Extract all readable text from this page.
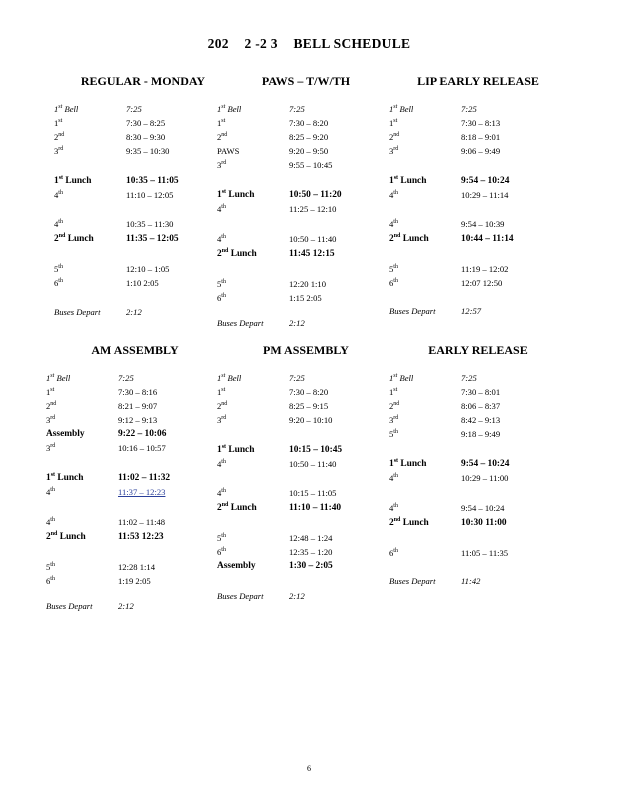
202 2 -2 3 BELL SCHEDULE
REGULAR - MONDAY
1st Bell	7:25
1st	7:30 – 8:25
2nd	8:30 – 9:30
3rd	9:35 – 10:30
1st Lunch	10:35 – 11:05
4th	11:10 – 12:05
4th	10:35 – 11:30
2nd Lunch	11:35 – 12:05
5th	12:10 – 1:05
6th	1:10 2:05
Buses Depart	2:12
PAWS – T/W/TH
1st Bell	7:25
1st	7:30 – 8:20
2nd	8:25 – 9:20
PAWS	9:20 – 9:50
3rd	9:55 – 10:45
1st Lunch	10:50 – 11:20
4th	11:25 – 12:10
4th	10:50 – 11:40
2nd Lunch	11:45 12:15
5th	12:20 1:10
6th	1:15 2:05
Buses Depart	2:12
LIP EARLY RELEASE
1st Bell	7:25
1st	7:30 – 8:13
2nd	8:18 – 9:01
3rd	9:06 – 9:49
1st Lunch	9:54 – 10:24
4th	10:29 – 11:14
4th	9:54 – 10:39
2nd Lunch	10:44 – 11:14
5th	11:19 – 12:02
6th	12:07 12:50
Buses Depart	12:57
AM ASSEMBLY
1st Bell	7:25
1st	7:30 – 8:16
2nd	8:21 – 9:07
3rd	9:12 – 9:13
Assembly	9:22 – 10:06
3rd	10:16 – 10:57
1st Lunch	11:02 – 11:32
4th	11:37 – 12:23
4th	11:02 – 11:48
2nd Lunch	11:53 12:23
5th	12:28 1:14
6th	1:19 2:05
Buses Depart	2:12
PM ASSEMBLY
1st Bell	7:25
1st	7:30 – 8:20
2nd	8:25 – 9:15
3rd	9:20 – 10:10
1st Lunch	10:15 – 10:45
4th	10:50 – 11:40
4th	10:15 – 11:05
2nd Lunch	11:10 – 11:40
5th	12:48 – 1:24
6th	12:35 – 1:20
Assembly	1:30 – 2:05
Buses Depart	2:12
EARLY RELEASE
1st Bell	7:25
1st	7:30 – 8:01
2nd	8:06 – 8:37
3rd	8:42 – 9:13
5th	9:18 – 9:49
1st Lunch	9:54 – 10:24
4th	10:29 – 11:00
4th	9:54 – 10:24
2nd Lunch	10:30 11:00
6th	11:05 – 11:35
Buses Depart	11:42
6
